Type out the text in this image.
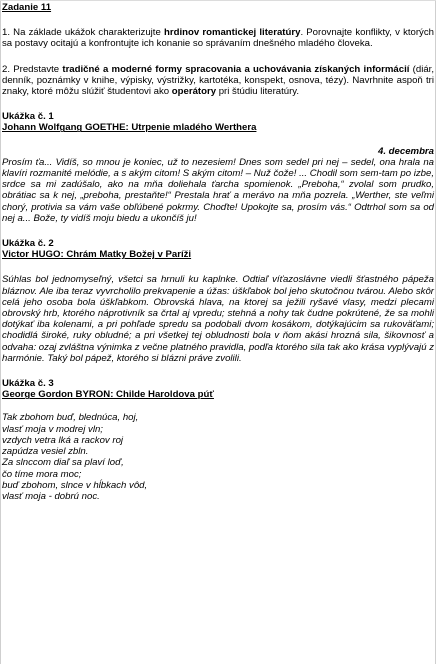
Zadanie 11

1. Na základe ukážok charakterizujte hrdinov romantickej literatúry. Porovnajte konflikty, v ktorých sa postavy ocitajú a konfrontujte ich konanie so správaním dnešného mladého človeka.

2. Predstavte tradičné a moderné formy spracovania a uchovávania získaných informácií (diár, denník, poznámky v knihe, výpisky, výstrižky, kartotéka, konspekt, osnova, tézy). Navrhnite aspoň tri znaky, ktoré môžu slúžiť študentovi ako operátory pri štúdiu literatúry.

Ukážka č. 1

Johann Wolfgang GOETHE: Utrpenie mladého Werthera

4. decembra

Prosím ťa... Vidíš, so mnou je koniec, už to nezesiem! Dnes som sedel pri nej – sedel, ona hrala na klavíri rozmanité melódie, a s akým citom! S akým citom! – Nuž čože! ... Chodil som sem-tam po izbe, srdce sa mi zadúšalo, ako na mňa doliehala ťarcha spomienok. „Preboha,“ zvolal som prudko, obrátiac sa k nej, „preboha, prestaňte!“ Prestala hrať a merávo na mňa pozrela. „Werther, ste veľmi chorý, protivia sa vám vaše obľúbené pokrmy. Choďte! Upokojte sa, prosím vás.“ Odtrhol som sa od nej a... Bože, ty vidíš moju biedu a ukončíš ju!

Ukážka č. 2

Victor HUGO: Chrám Matky Božej v Paríži

Súhlas bol jednomyseľný, všetci sa hrnuli ku kaplnke. Odtiaľ víťazoslávne viedli šťastného pápeža bláznov. Ale iba teraz vyvrcholilo prekvapenie a úžas: úškľabok bol jeho skutočnou tvárou. Alebo skôr celá jeho osoba bola úškľabkom. Obrovská hlava, na ktorej sa ježili ryšavé vlasy, medzi plecami obrovský hrb, ktorého náprotivník sa črtal aj vpredu; stehná a nohy tak čudne pokrútené, že sa mohli dotýkať iba kolenami, a pri pohľade spredu sa podobali dvom kosákom, dotýkajúcim sa rukoväťami; chodidlá široké, ruky obludné; a pri všetkej tej obludnosti bola v ňom akási hrozná sila, šikovnosť a odvaha: ozaj zvláštna výnimka z večne platného pravidla, podľa ktorého sila tak ako krása vyplývajú z harmónie. Taký bol pápež, ktorého si blázni práve zvolili.

Ukážka č. 3

George Gordon BYRON: Childe Haroldova púť

Tak zbohom buď, blednúca, hoj,

vlasť moja v modrej vln;

vzdych vetra lká a rackov roj

zapúdza vesiel zbln.

Za slnccom diaľ sa plaví loď,

čo tíme mora moc;

buď zbohom, slnce v hĺbkach vôd,

vlasť moja - dobrú noc.
